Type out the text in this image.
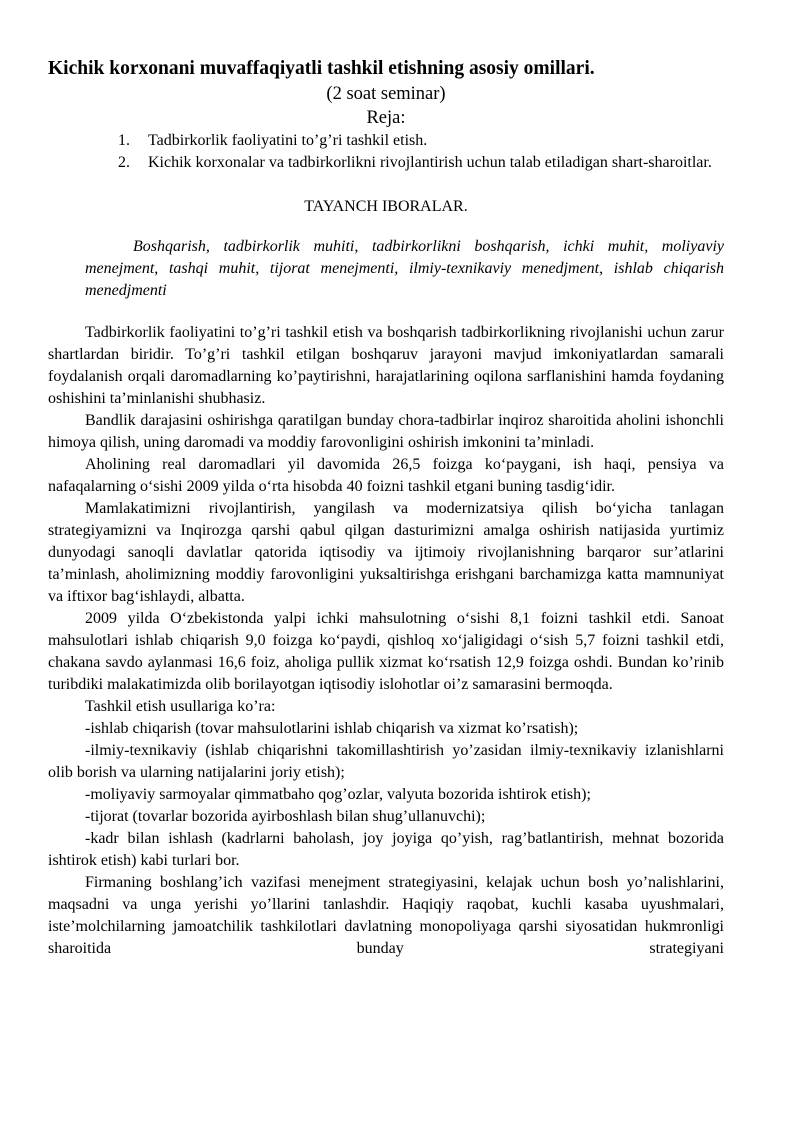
Kichik korxonani muvaffaqiyatli tashkil etishning asosiy omillari.

(2 soat seminar)

Reja:

1. Tadbirkorlik faoliyatini to’g’ri tashkil etish.
2. Kichik korxonalar va tadbirkorlikni rivojlantirish uchun talab etiladigan shart-sharoitlar.

TAYANCH IBORALAR.

Boshqarish, tadbirkorlik muhiti, tadbirkorlikni boshqarish, ichki muhit, moliyaviy menejment, tashqi muhit, tijorat menejmenti, ilmiy-texnikaviy menedjment, ishlab chiqarish menedjmenti

Tadbirkorlik faoliyatini to’g’ri tashkil etish va boshqarish tadbirkorlikning rivojlanishi uchun zarur shartlardan biridir. To’g’ri tashkil etilgan boshqaruv jarayoni mavjud imkoniyatlardan samarali foydalanish orqali daromadlarning ko’paytirishni, harajatlarining oqilona sarflanishini hamda foydaning oshishini ta’minlanishi shubhasiz.

Bandlik darajasini oshirishga qaratilgan bunday chora-tadbirlar inqiroz sharoitida aholini ishonchli himoya qilish, uning daromadi va moddiy farovonligini oshirish imkonini ta’minladi.

Aholining real daromadlari yil davomida 26,5 foizga ko‘paygani, ish haqi, pensiya va nafaqalarning o‘sishi 2009 yilda o‘rta hisobda 40 foizni tashkil etgani buning tasdig‘idir.

Mamlakatimizni rivojlantirish, yangilash va modernizatsiya qilish bo‘yicha tanlagan strategiyamizni va Inqirozga qarshi qabul qilgan dasturimizni amalga oshirish natijasida yurtimiz dunyodagi sanoqli davlatlar qatorida iqtisodiy va ijtimoiy rivojlanishning barqaror sur’atlarini ta’minlash, aholimizning moddiy farovonligini yuksaltirishga erishgani barchamizga katta mamnuniyat va iftixor bag‘ishlaydi, albatta.

2009 yilda O‘zbekistonda yalpi ichki mahsulotning o‘sishi 8,1 foizni tashkil etdi. Sanoat mahsulotlari ishlab chiqarish 9,0 foizga ko‘paydi, qishloq xo‘jaligidagi o‘sish 5,7 foizni tashkil etdi, chakana savdo aylanmasi 16,6 foiz, aholiga pullik xizmat ko‘rsatish 12,9 foizga oshdi. Bundan ko’rinib turibdiki malakatimizda olib borilayotgan iqtisodiy islohotlar oi’z samarasini bermoqda.

Tashkil etish usullariga ko’ra:

-ishlab chiqarish (tovar mahsulotlarini ishlab chiqarish va xizmat ko’rsatish);

-ilmiy-texnikaviy (ishlab chiqarishni takomillashtirish yo’zasidan ilmiy-texnikaviy izlanishlarni olib borish va ularning natijalarini joriy etish);

-moliyaviy sarmoyalar qimmatbaho qog’ozlar, valyuta bozorida ishtirok etish);

-tijorat (tovarlar bozorida ayirboshlash bilan shug’ullanuvchi);

-kadr bilan ishlash (kadrlarni baholash, joy joyiga qo’yish, rag’batlantirish, mehnat bozorida ishtirok etish) kabi turlari bor.

Firmaning boshlang’ich vazifasi menejment strategiyasini, kelajak uchun bosh yo’nalishlarini, maqsadni va unga yerishi yo’llarini tanlashdir. Haqiqiy raqobat, kuchli kasaba uyushmalari, iste’molchilarning jamoatchilik tashkilotlari davlatning monopoliyaga qarshi siyosatidan hukmronligi sharoitida bunday strategiyani
